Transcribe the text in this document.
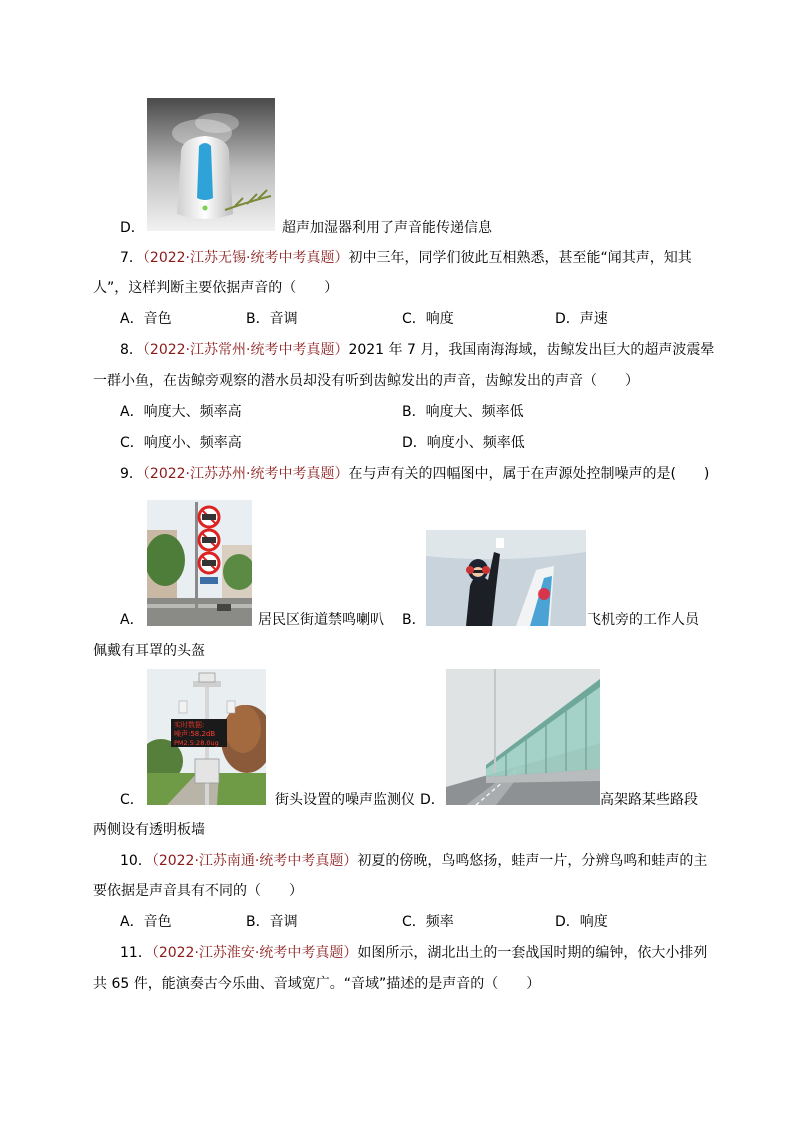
D．	超声加湿器利用了声音能传递信息
7．（2022·江苏无锡·统考中考真题）初中三年，同学们彼此互相熟悉，甚至能“闻其声，知其
人”，这样判断主要依据声音的（　　）
A．音色	B．音调	C．响度	D．声速
8．（2022·江苏常州·统考中考真题）2021 年 7 月，我国南海海域，齿鲸发出巨大的超声波震晕
一群小鱼，在齿鲸旁观察的潜水员却没有听到齿鲸发出的声音，齿鲸发出的声音（　　）
A．响度大、频率高	B．响度大、频率低
C．响度小、频率高	D．响度小、频率低
9．（2022·江苏苏州·统考中考真题）在与声有关的四幅图中，属于在声源处控制噪声的是(　　)
A．	居民区街道禁鸣喇叭 B．	飞机旁的工作人员
佩戴有耳罩的头盔
实时数据:
噪声:58.2dB
PM2.5:28.0ug
C．	街头设置的噪声监测仪 D．	高架路某些路段
两侧设有透明板墙
10．（2022·江苏南通·统考中考真题）初夏的傍晚，鸟鸣悠扬，蛙声一片，分辨鸟鸣和蛙声的主
要依据是声音具有不同的（　　）
A．音色	B．音调	C．频率	D．响度
11．（2022·江苏淮安·统考中考真题）如图所示，湖北出土的一套战国时期的编钟，依大小排列
共 65 件，能演奏古今乐曲、音域宽广。“音域”描述的是声音的（　　）
